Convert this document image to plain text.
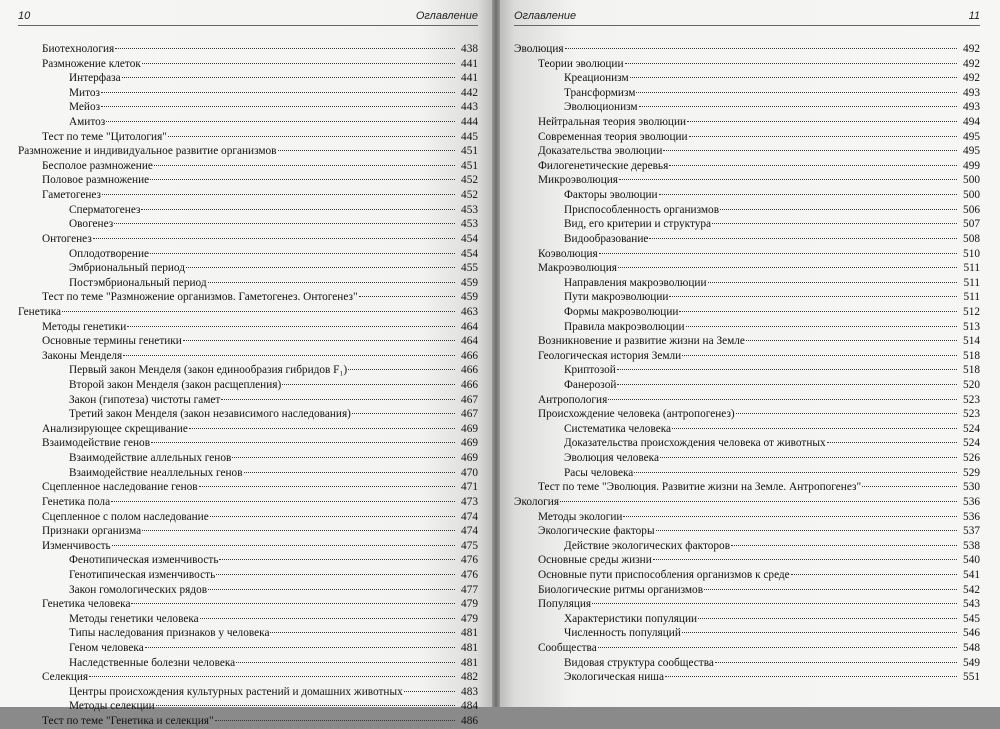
10	Оглавление
Биотехнология	438
Размножение клеток	441
Интерфаза	441
Митоз	442
Мейоз	443
Амитоз	444
Тест по теме "Цитология"	445
Размножение и индивидуальное развитие организмов	451
Бесполое размножение	451
Половое размножение	452
Гаметогенез	452
Сперматогенез	453
Овогенез	453
Онтогенез	454
Оплодотворение	454
Эмбриональный период	455
Постэмбриональный период	459
Тест по теме "Размножение организмов. Гаметогенез. Онтогенез"	459
Генетика	463
Методы генетики	464
Основные термины генетики	464
Законы Менделя	466
Первый закон Менделя (закон единообразия гибридов F₁)	466
Второй закон Менделя (закон расщепления)	466
Закон (гипотеза) чистоты гамет	467
Третий закон Менделя (закон независимого наследования)	467
Анализирующее скрещивание	469
Взаимодействие генов	469
Взаимодействие аллельных генов	469
Взаимодействие неаллельных генов	470
Сцепленное наследование генов	471
Генетика пола	473
Сцепленное с полом наследование	474
Признаки организма	474
Изменчивость	475
Фенотипическая изменчивость	476
Генотипическая изменчивость	476
Закон гомологических рядов	477
Генетика человека	479
Методы генетики человека	479
Типы наследования признаков у человека	481
Геном человека	481
Наследственные болезни человека	481
Селекция	482
Центры происхождения культурных растений и домашних животных	483
Методы селекции	484
Тест по теме "Генетика и селекция"	486
Оглавление	11
Эволюция	492
Теории эволюции	492
Креационизм	492
Трансформизм	493
Эволюционизм	493
Нейтральная теория эволюции	494
Современная теория эволюции	495
Доказательства эволюции	495
Филогенетические деревья	499
Микроэволюция	500
Факторы эволюции	500
Приспособленность организмов	506
Вид, его критерии и структура	507
Видообразование	508
Коэволюция	510
Макроэволюция	511
Направления макроэволюции	511
Пути макроэволюции	511
Формы макроэволюции	512
Правила макроэволюции	513
Возникновение и развитие жизни на Земле	514
Геологическая история Земли	518
Криптозой	518
Фанерозой	520
Антропология	523
Происхождение человека (антропогенез)	523
Систематика человека	524
Доказательства происхождения человека от животных	524
Эволюция человека	526
Расы человека	529
Тест по теме "Эволюция. Развитие жизни на Земле. Антропогенез"	530
Экология	536
Методы экологии	536
Экологические факторы	537
Действие экологических факторов	538
Основные среды жизни	540
Основные пути приспособления организмов к среде	541
Биологические ритмы организмов	542
Популяция	543
Характеристики популяции	545
Численность популяций	546
Сообщества	548
Видовая структура сообщества	549
Экологическая ниша	551
